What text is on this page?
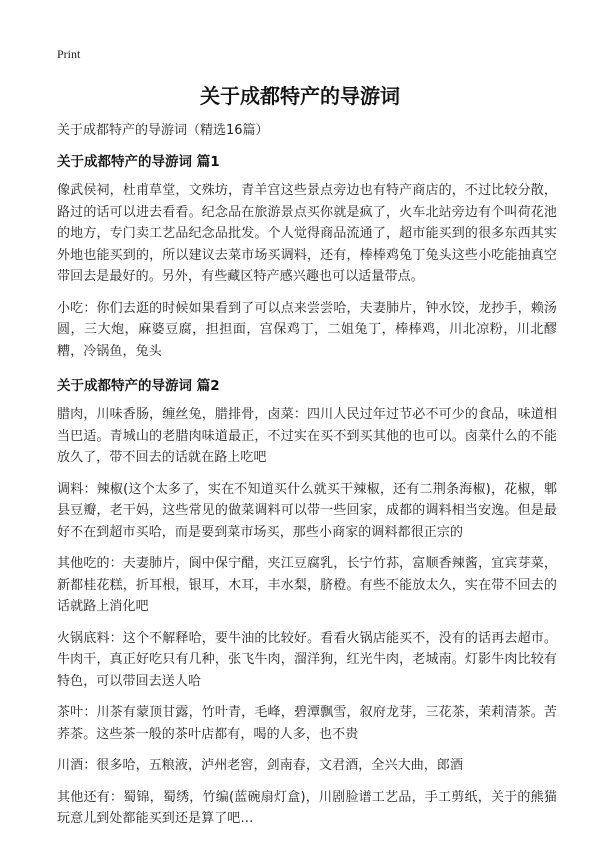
Print
关于成都特产的导游词

关于成都特产的导游词（精选16篇）

关于成都特产的导游词 篇1

像武侯祠，杜甫草堂，文殊坊，青羊宫这些景点旁边也有特产商店的，不过比较分散，路过的话可以进去看看。纪念品在旅游景点买你就是疯了，火车北站旁边有个叫荷花池的地方，专门卖工艺品纪念品批发。个人觉得商品流通了，超市能买到的很多东西其实外地也能买到的，所以建议去菜市场买调料，还有，棒棒鸡兔丁兔头这些小吃能抽真空带回去是最好的。另外，有些藏区特产感兴趣也可以适量带点。

小吃：你们去逛的时候如果看到了可以点来尝尝哈，夫妻肺片，钟水饺，龙抄手，赖汤圆，三大炮，麻婆豆腐，担担面，宫保鸡丁，二姐兔丁，棒棒鸡，川北凉粉，川北醪糟，冷锅鱼，兔头

关于成都特产的导游词 篇2

腊肉，川味香肠，缠丝兔，腊排骨，卤菜：四川人民过年过节必不可少的食品，味道相当巴适。青城山的老腊肉味道最正，不过实在买不到买其他的也可以。卤菜什么的不能放久了，带不回去的话就在路上吃吧

调料：辣椒(这个太多了，实在不知道买什么就买干辣椒，还有二荆条海椒)，花椒，郫县豆瓣，老干妈，这些常见的做菜调料可以带一些回家，成都的调料相当安逸。但是最好不在到超市买哈，而是要到菜市场买，那些小商家的调料都很正宗的

其他吃的：夫妻肺片，阆中保宁醋，夹江豆腐乳，长宁竹荪，富顺香辣酱，宜宾芽菜，新都桂花糕，折耳根，银耳，木耳，丰水梨，脐橙。有些不能放太久，实在带不回去的话就路上消化吧

火锅底料：这个不解释哈，要牛油的比较好。看看火锅店能买不，没有的话再去超市。牛肉干，真正好吃只有几种，张飞牛肉，溜洋狗，红光牛肉，老城南。灯影牛肉比较有特色，可以带回去送人哈

茶叶：川茶有蒙顶甘露，竹叶青，毛峰，碧潭飘雪，叙府龙芽，三花茶，茉莉清茶。苦荞茶。这些茶一般的茶叶店都有，喝的人多，也不贵

川酒：很多哈，五粮液，泸州老窖，剑南春，文君酒，全兴大曲，郎酒

其他还有：蜀锦，蜀绣，竹编(蓝碗扇灯盒)，川剧脸谱工艺品，手工剪纸，关于的熊猫玩意儿到处都能买到还是算了吧…
